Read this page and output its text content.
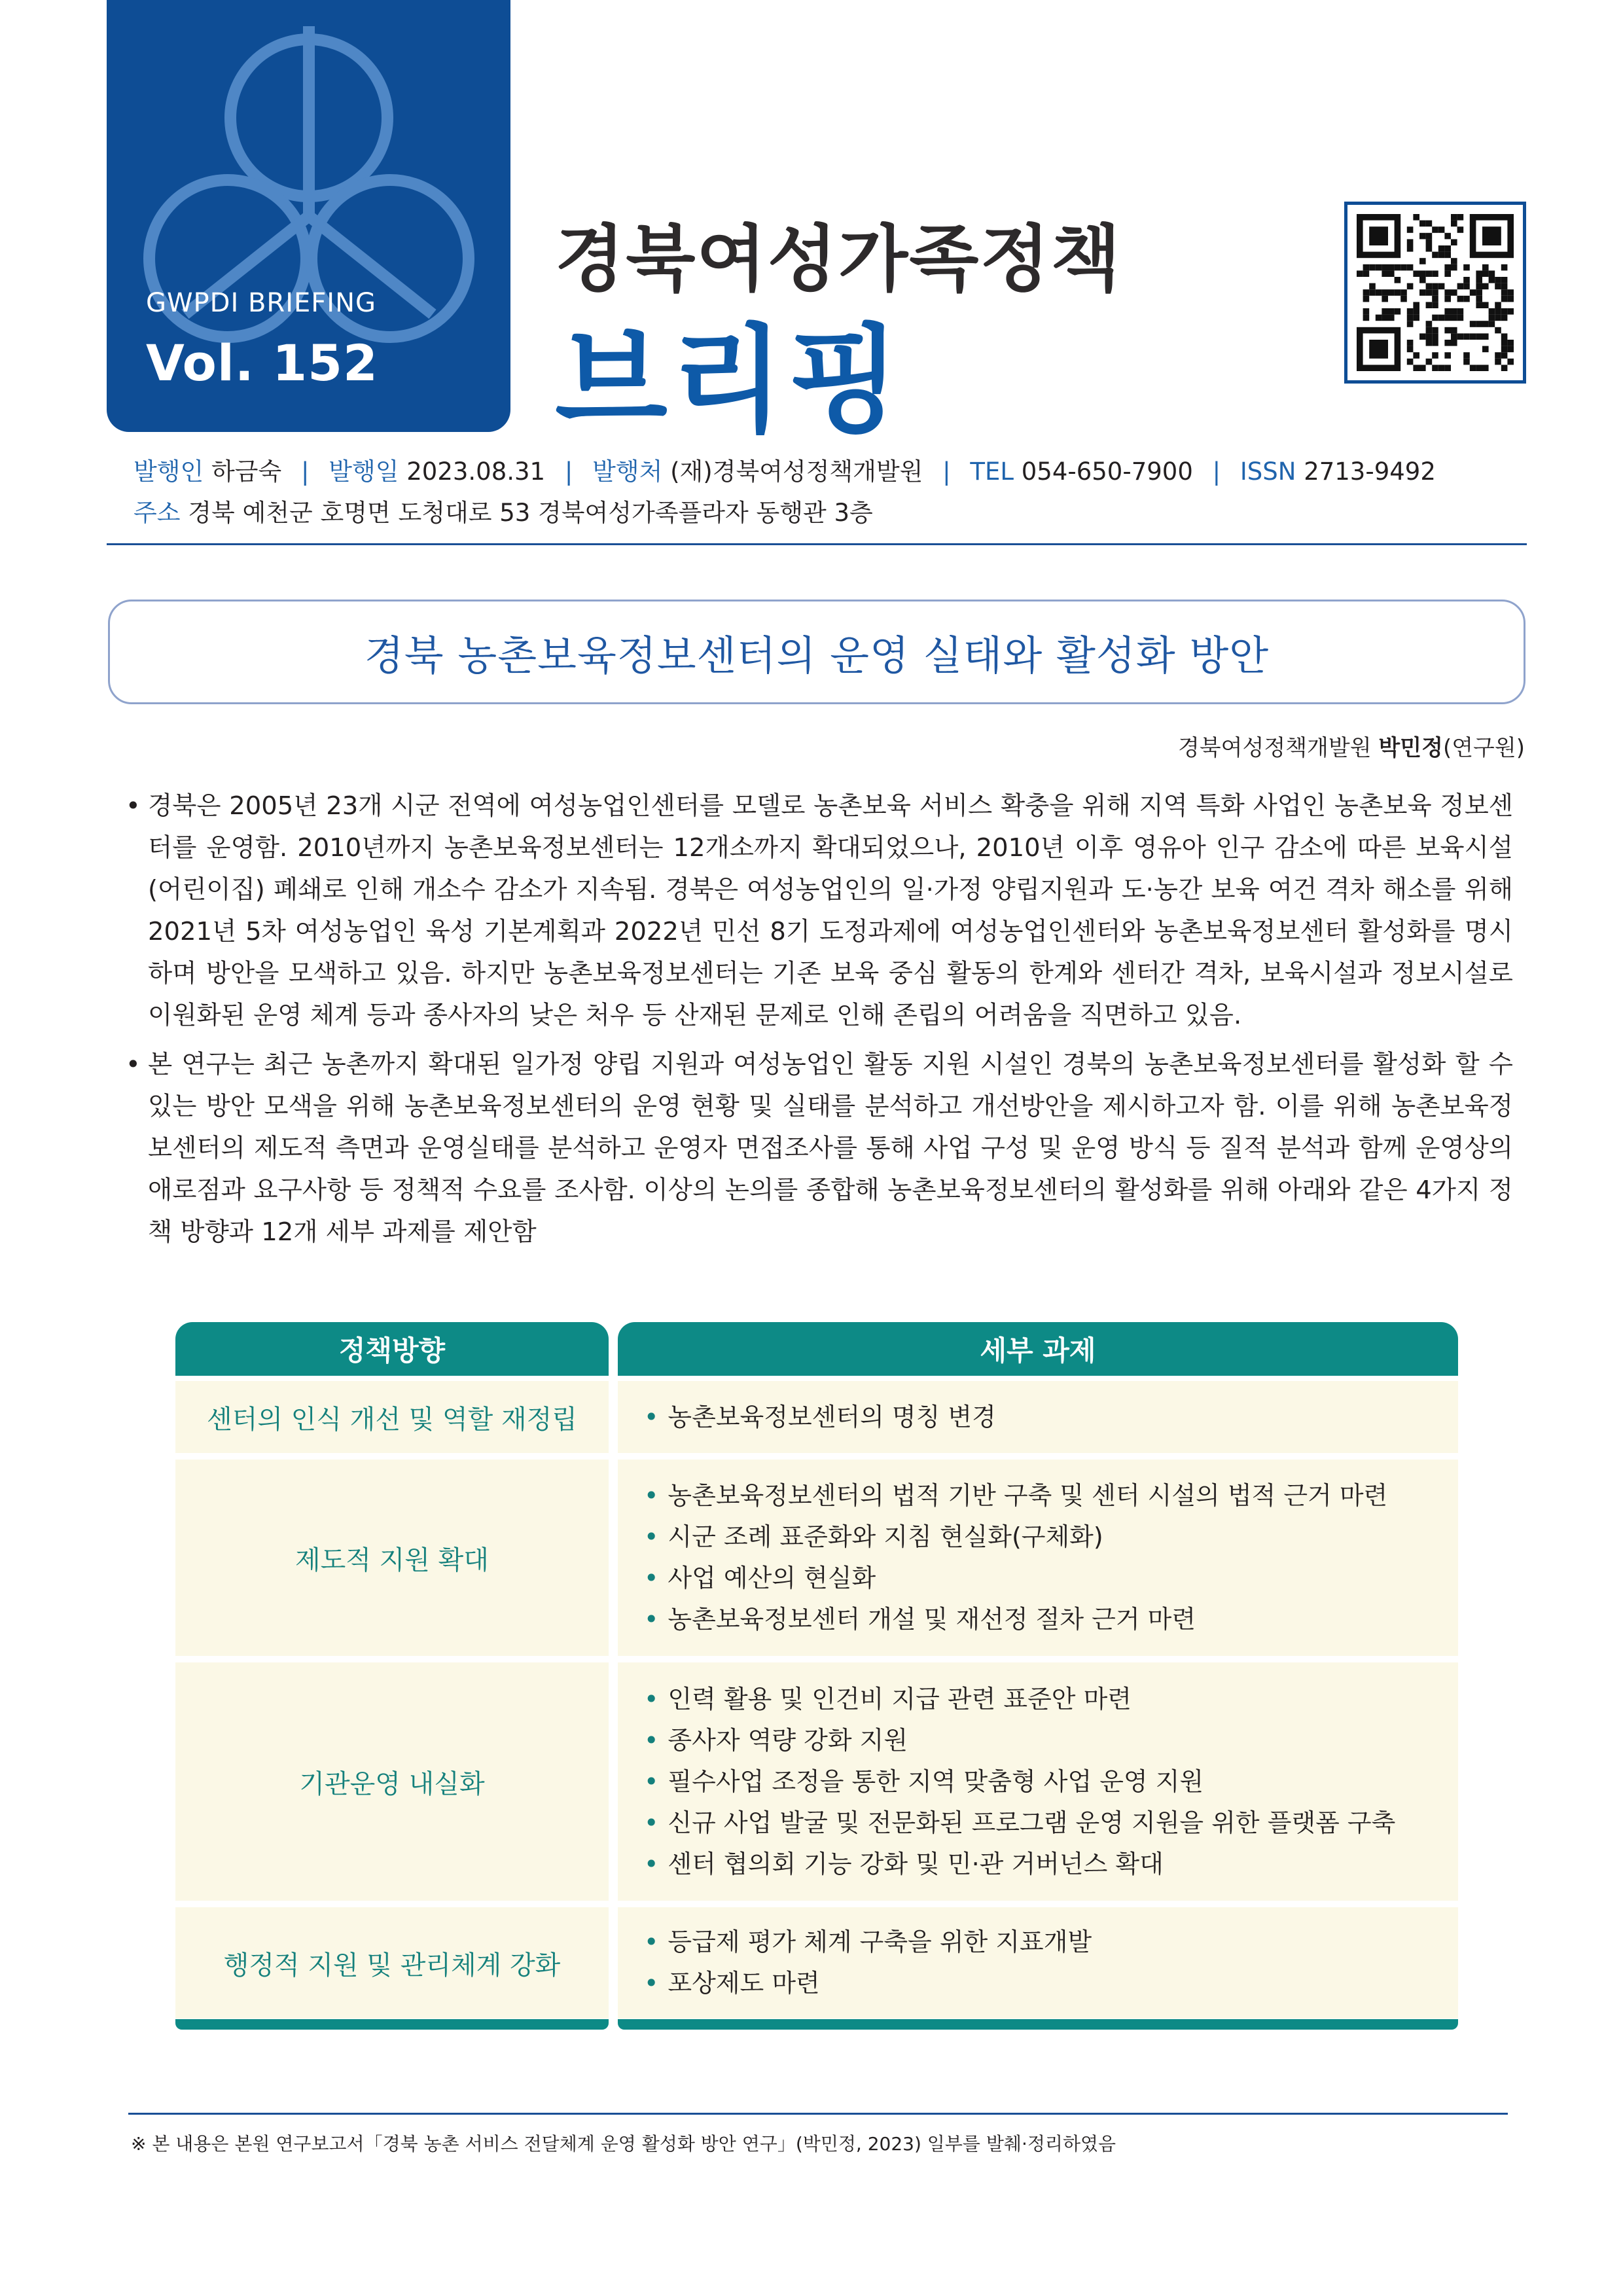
GWPDI BRIEFING
Vol. 152
경북여성가족정책
브리핑
발행인 하금숙 | 발행일 2023.08.31 | 발행처 (재)경북여성정책개발원 | TEL 054-650-7900 | ISSN 2713-9492
주소 경북 예천군 호명면 도청대로 53 경북여성가족플라자 동행관 3층
경북 농촌보육정보센터의 운영 실태와 활성화 방안
경북여성정책개발원 박민정(연구원)
• 경북은 2005년 23개 시군 전역에 여성농업인센터를 모델로 농촌보육 서비스 확충을 위해 지역 특화 사업인 농촌보육 정보센터를 운영함. 2010년까지 농촌보육정보센터는 12개소까지 확대되었으나, 2010년 이후 영유아 인구 감소에 따른 보육시설(어린이집) 폐쇄로 인해 개소수 감소가 지속됨. 경북은 여성농업인의 일·가정 양립지원과 도·농간 보육 여건 격차 해소를 위해 2021년 5차 여성농업인 육성 기본계획과 2022년 민선 8기 도정과제에 여성농업인센터와 농촌보육정보센터 활성화를 명시하며 방안을 모색하고 있음. 하지만 농촌보육정보센터는 기존 보육 중심 활동의 한계와 센터간 격차, 보육시설과 정보시설로 이원화된 운영 체계 등과 종사자의 낮은 처우 등 산재된 문제로 인해 존립의 어려움을 직면하고 있음.
• 본 연구는 최근 농촌까지 확대된 일가정 양립 지원과 여성농업인 활동 지원 시설인 경북의 농촌보육정보센터를 활성화 할 수 있는 방안 모색을 위해 농촌보육정보센터의 운영 현황 및 실태를 분석하고 개선방안을 제시하고자 함. 이를 위해 농촌보육정보센터의 제도적 측면과 운영실태를 분석하고 운영자 면접조사를 통해 사업 구성 및 운영 방식 등 질적 분석과 함께 운영상의 애로점과 요구사항 등 정책적 수요를 조사함. 이상의 논의를 종합해 농촌보육정보센터의 활성화를 위해 아래와 같은 4가지 정책 방향과 12개 세부 과제를 제안함
정책방향	세부 과제
센터의 인식 개선 및 역할 재정립	• 농촌보육정보센터의 명칭 변경
제도적 지원 확대
• 농촌보육정보센터의 법적 기반 구축 및 센터 시설의 법적 근거 마련
• 시군 조례 표준화와 지침 현실화(구체화)
• 사업 예산의 현실화
• 농촌보육정보센터 개설 및 재선정 절차 근거 마련
기관운영 내실화
• 인력 활용 및 인건비 지급 관련 표준안 마련
• 종사자 역량 강화 지원
• 필수사업 조정을 통한 지역 맞춤형 사업 운영 지원
• 신규 사업 발굴 및 전문화된 프로그램 운영 지원을 위한 플랫폼 구축
• 센터 협의회 기능 강화 및 민·관 거버넌스 확대
행정적 지원 및 관리체계 강화
• 등급제 평가 체계 구축을 위한 지표개발
• 포상제도 마련
※ 본 내용은 본원 연구보고서「경북 농촌 서비스 전달체계 운영 활성화 방안 연구」(박민정, 2023) 일부를 발췌·정리하였음
